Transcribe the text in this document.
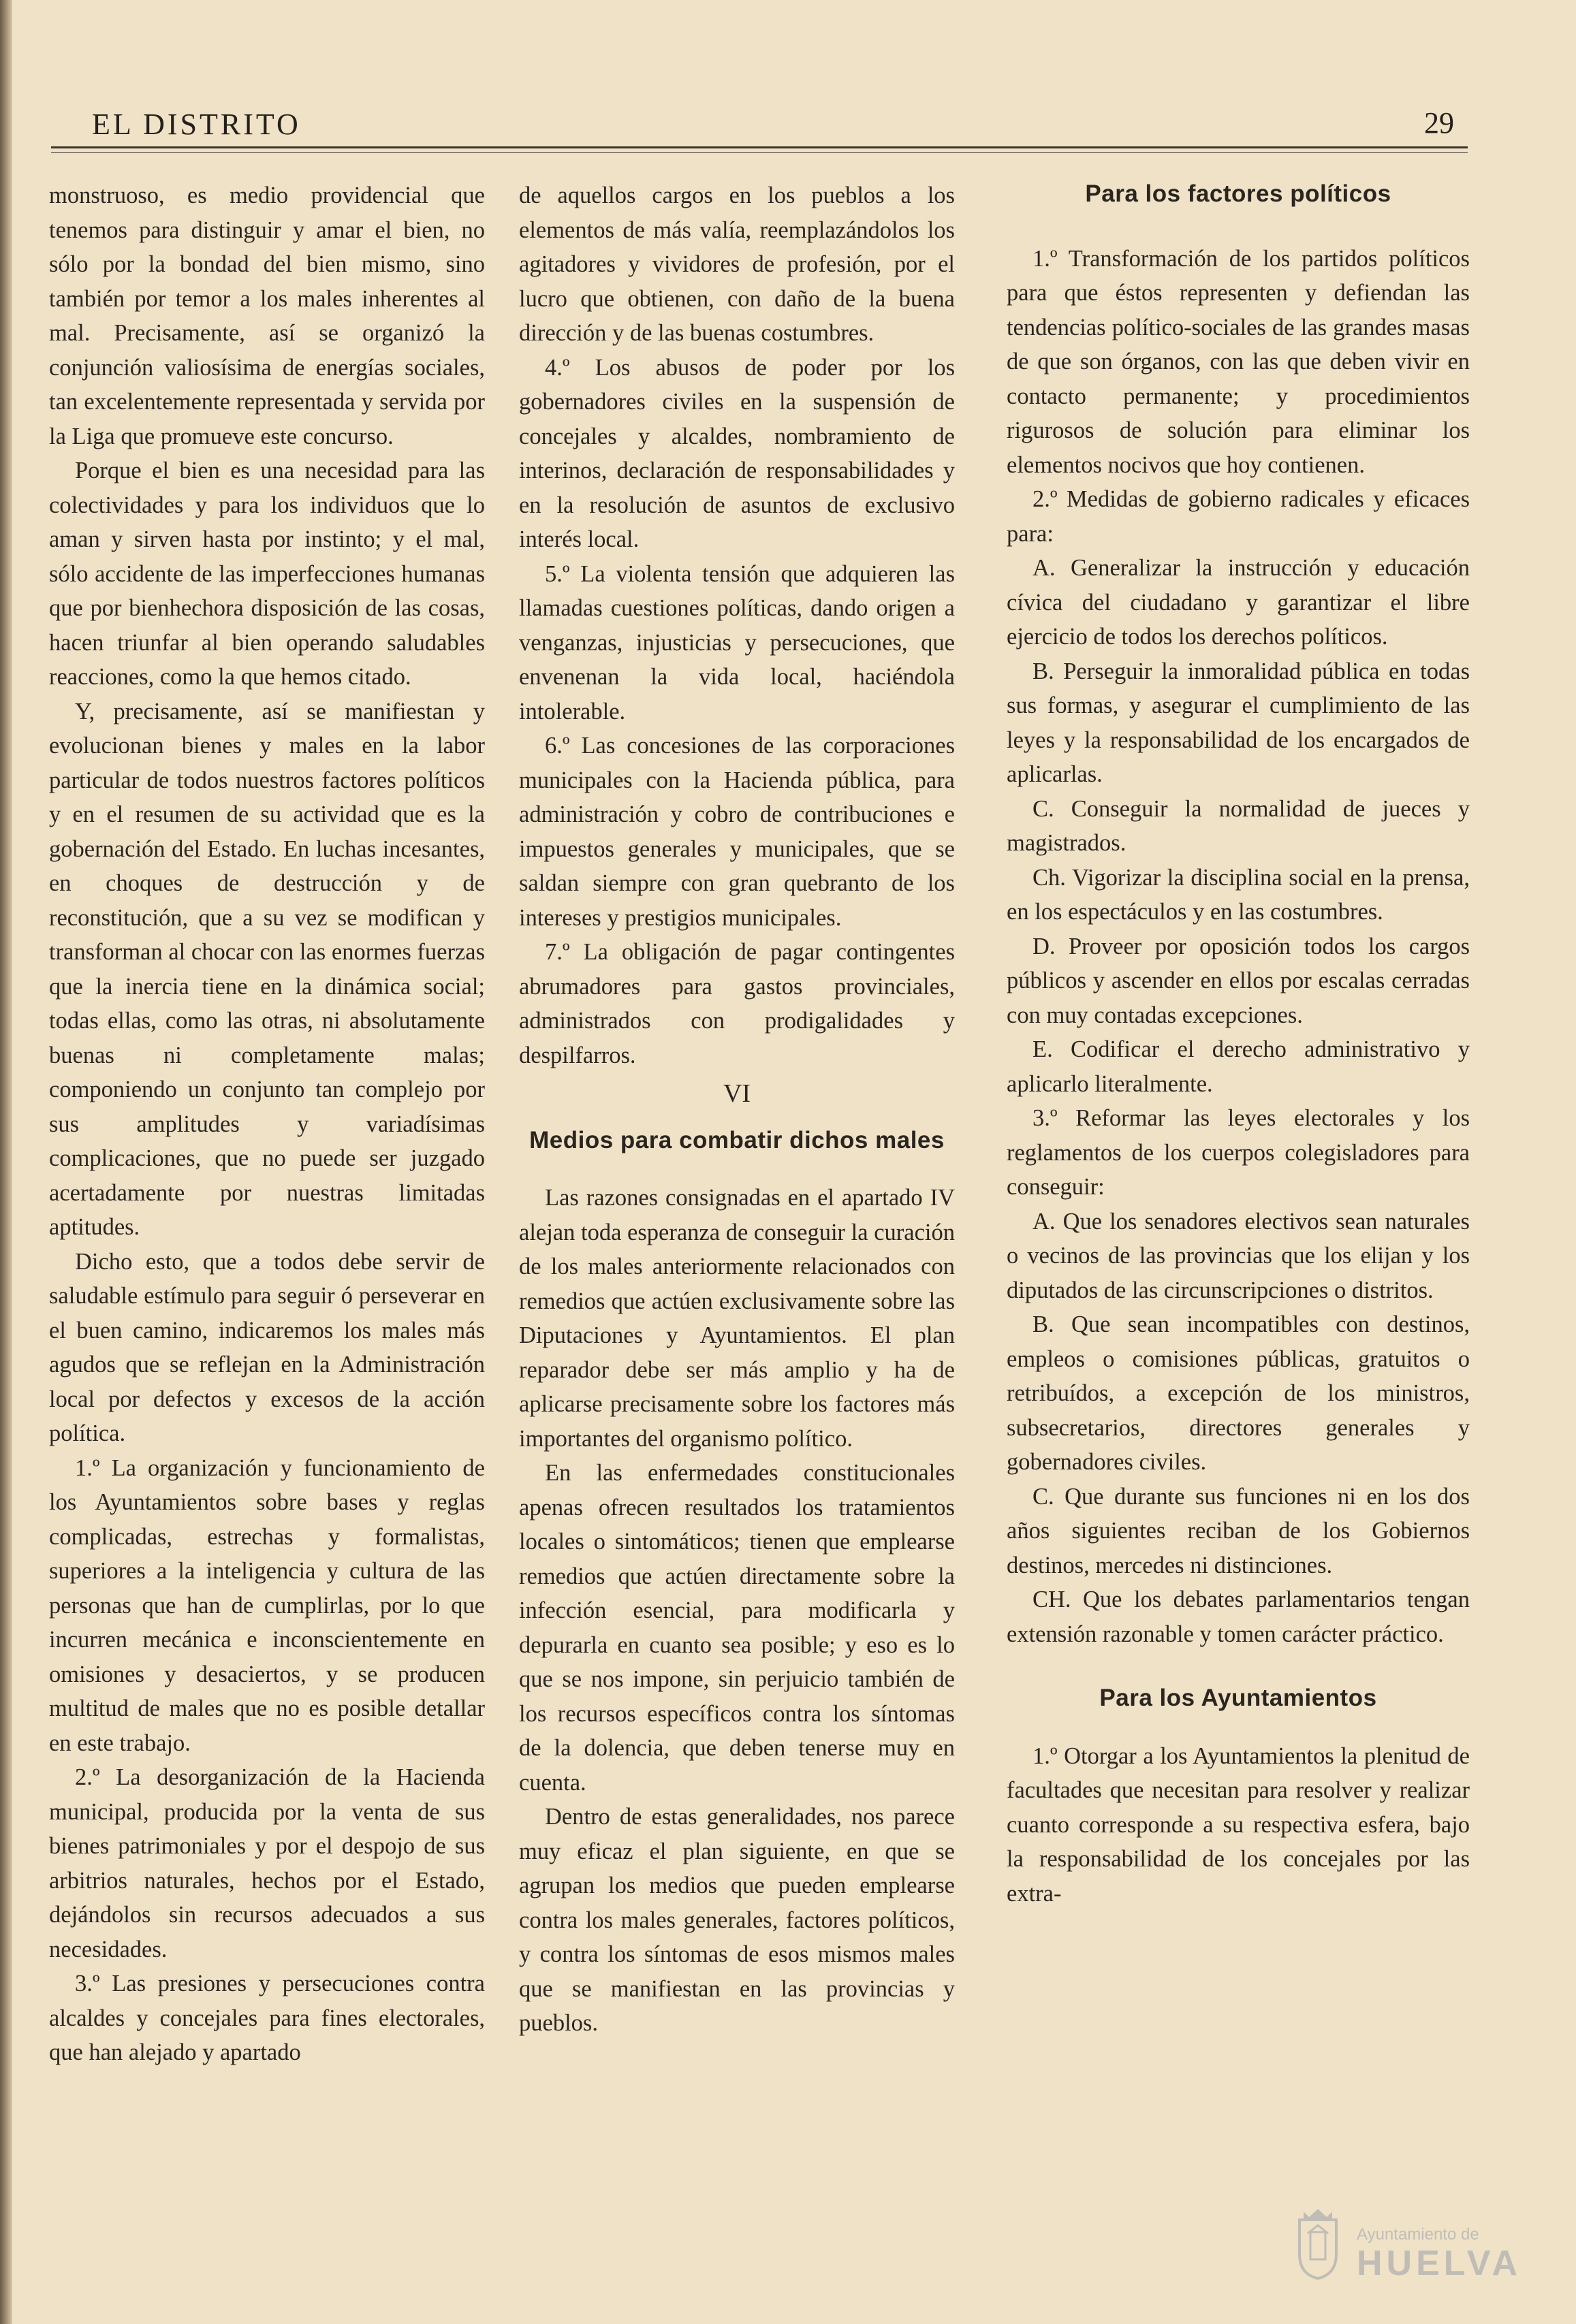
EL DISTRITO	29

monstruoso, es medio providencial que tenemos para distinguir y amar el bien, no sólo por la bondad del bien mismo, sino también por temor a los males inherentes al mal. Precisamente, así se organizó la conjunción valiosísima de energías sociales, tan excelentemente representada y servida por la Liga que promueve este concurso.

Porque el bien es una necesidad para las colectividades y para los individuos que lo aman y sirven hasta por instinto; y el mal, sólo accidente de las imperfecciones humanas que por bienhechora disposición de las cosas, hacen triunfar al bien operando saludables reacciones, como la que hemos citado.

Y, precisamente, así se manifiestan y evolucionan bienes y males en la labor particular de todos nuestros factores políticos y en el resumen de su actividad que es la gobernación del Estado. En luchas incesantes, en choques de destrucción y de reconstitución, que a su vez se modifican y transforman al chocar con las enormes fuerzas que la inercia tiene en la dinámica social; todas ellas, como las otras, ni absolutamente buenas ni completamente malas; componiendo un conjunto tan complejo por sus amplitudes y variadísimas complicaciones, que no puede ser juzgado acertadamente por nuestras limitadas aptitudes.

Dicho esto, que a todos debe servir de saludable estímulo para seguir ó perseverar en el buen camino, indicaremos los males más agudos que se reflejan en la Administración local por defectos y excesos de la acción política.

1.º La organización y funcionamiento de los Ayuntamientos sobre bases y reglas complicadas, estrechas y formalistas, superiores a la inteligencia y cultura de las personas que han de cumplirlas, por lo que incurren mecánica e inconscientemente en omisiones y desaciertos, y se producen multitud de males que no es posible detallar en este trabajo.

2.º La desorganización de la Hacienda municipal, producida por la venta de sus bienes patrimoniales y por el despojo de sus arbitrios naturales, hechos por el Estado, dejándolos sin recursos adecuados a sus necesidades.

3.º Las presiones y persecuciones contra alcaldes y concejales para fines electorales, que han alejado y apartado

de aquellos cargos en los pueblos a los elementos de más valía, reemplazándolos los agitadores y vividores de profesión, por el lucro que obtienen, con daño de la buena dirección y de las buenas costumbres.

4.º Los abusos de poder por los gobernadores civiles en la suspensión de concejales y alcaldes, nombramiento de interinos, declaración de responsabilidades y en la resolución de asuntos de exclusivo interés local.

5.º La violenta tensión que adquieren las llamadas cuestiones políticas, dando origen a venganzas, injusticias y persecuciones, que envenenan la vida local, haciéndola intolerable.

6.º Las concesiones de las corporaciones municipales con la Hacienda pública, para administración y cobro de contribuciones e impuestos generales y municipales, que se saldan siempre con gran quebranto de los intereses y prestigios municipales.

7.º La obligación de pagar contingentes abrumadores para gastos provinciales, administrados con prodigalidades y despilfarros.

VI
Medios para combatir dichos males

Las razones consignadas en el apartado IV alejan toda esperanza de conseguir la curación de los males anteriormente relacionados con remedios que actúen exclusivamente sobre las Diputaciones y Ayuntamientos. El plan reparador debe ser más amplio y ha de aplicarse precisamente sobre los factores más importantes del organismo político.

En las enfermedades constitucionales apenas ofrecen resultados los tratamientos locales o sintomáticos; tienen que emplearse remedios que actúen directamente sobre la infección esencial, para modificarla y depurarla en cuanto sea posible; y eso es lo que se nos impone, sin perjuicio también de los recursos específicos contra los síntomas de la dolencia, que deben tenerse muy en cuenta.

Dentro de estas generalidades, nos parece muy eficaz el plan siguiente, en que se agrupan los medios que pueden emplearse contra los males generales, factores políticos, y contra los síntomas de esos mismos males que se manifiestan en las provincias y pueblos.

Para los factores políticos

1.º Transformación de los partidos políticos para que éstos representen y defiendan las tendencias político-sociales de las grandes masas de que son órganos, con las que deben vivir en contacto permanente; y procedimientos rigurosos de solución para eliminar los elementos nocivos que hoy contienen.

2.º Medidas de gobierno radicales y eficaces para:

A. Generalizar la instrucción y educación cívica del ciudadano y garantizar el libre ejercicio de todos los derechos políticos.

B. Perseguir la inmoralidad pública en todas sus formas, y asegurar el cumplimiento de las leyes y la responsabilidad de los encargados de aplicarlas.

C. Conseguir la normalidad de jueces y magistrados.

Ch. Vigorizar la disciplina social en la prensa, en los espectáculos y en las costumbres.

D. Proveer por oposición todos los cargos públicos y ascender en ellos por escalas cerradas con muy contadas excepciones.

E. Codificar el derecho administrativo y aplicarlo literalmente.

3.º Reformar las leyes electorales y los reglamentos de los cuerpos colegisladores para conseguir:

A. Que los senadores electivos sean naturales o vecinos de las provincias que los elijan y los diputados de las circunscripciones o distritos.

B. Que sean incompatibles con destinos, empleos o comisiones públicas, gratuitos o retribuídos, a excepción de los ministros, subsecretarios, directores generales y gobernadores civiles.

C. Que durante sus funciones ni en los dos años siguientes reciban de los Gobiernos destinos, mercedes ni distinciones.

CH. Que los debates parlamentarios tengan extensión razonable y tomen carácter práctico.

Para los Ayuntamientos

1.º Otorgar a los Ayuntamientos la plenitud de facultades que necesitan para resolver y realizar cuanto corresponde a su respectiva esfera, bajo la responsabilidad de los concejales por las extra-

Ayuntamiento de
HUELVA
